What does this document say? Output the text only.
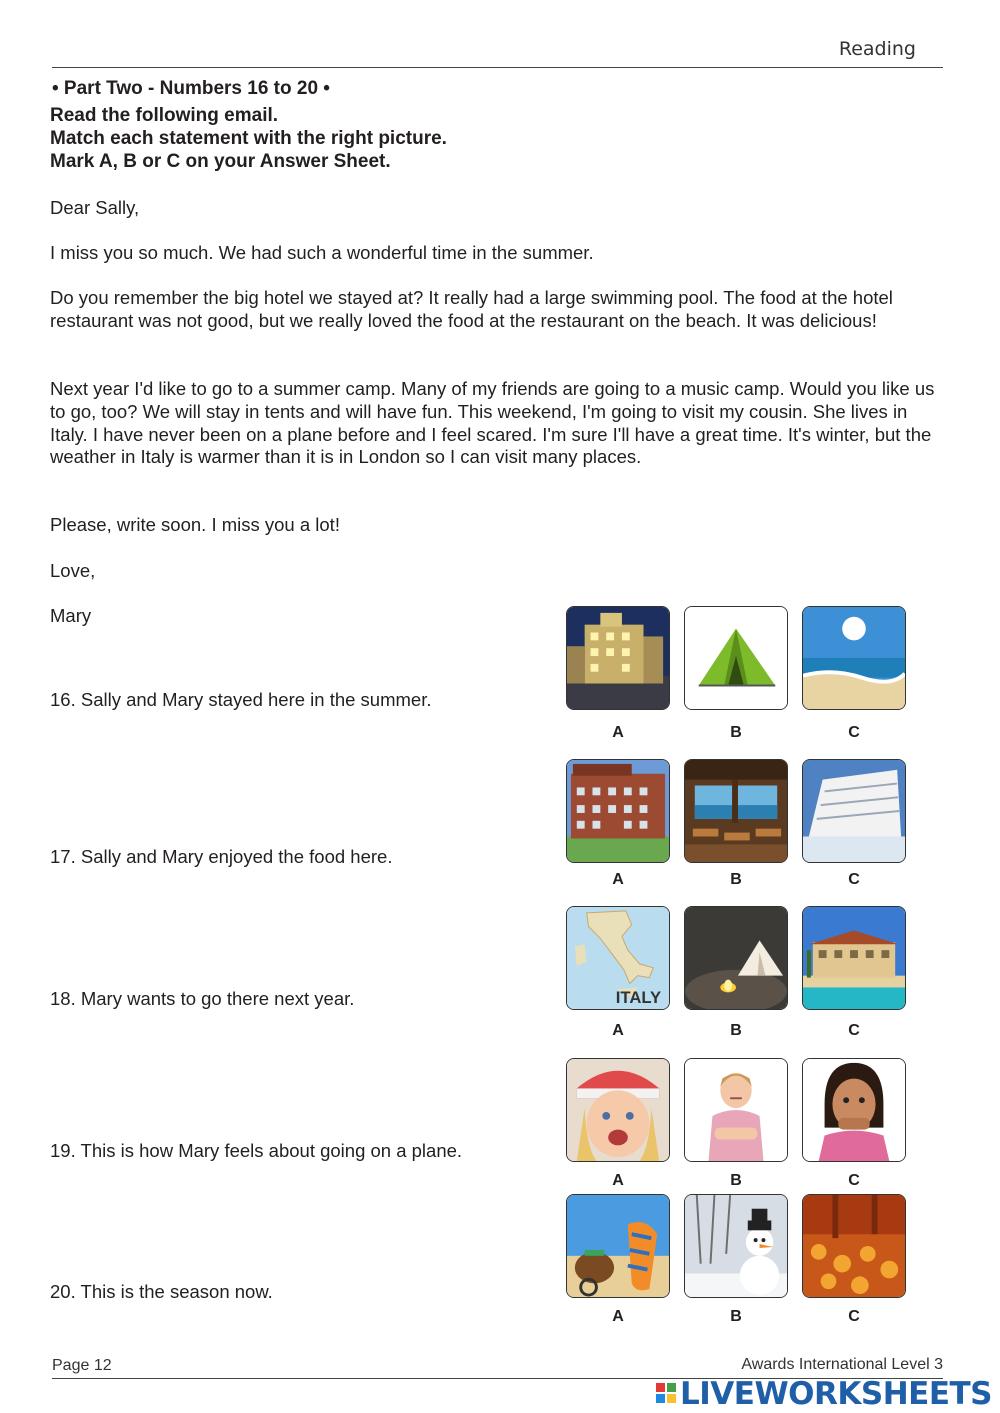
Reading
• Part Two - Numbers 16 to 20 •
Read the following email.
Match each statement with the right picture.
Mark A, B or C on your Answer Sheet.
Dear Sally,
I miss you so much. We had such a wonderful time in the summer.
Do you remember the big hotel we stayed at? It really had a large swimming pool. The food at the hotel restaurant was not good, but we really loved the food at the restaurant on the beach. It was delicious!
Next year I'd like to go to a summer camp. Many of my friends are going to a music camp. Would you like us to go, too? We will stay in tents and will have fun. This weekend, I'm going to visit my cousin. She lives in Italy. I have never been on a plane before and I feel scared. I'm sure I'll have a great time. It's winter, but the weather in Italy is warmer than it is in London so I can visit many places.
Please, write soon. I miss you a lot!
Love,
Mary
16. Sally and Mary stayed here in the summer.
17. Sally and Mary enjoyed the food here.
18. Mary wants to go there next year.
19. This is how Mary feels about going on a plane.
20. This is the season now.
A	B	C
A	B	C
ITALY
A	B	C
A	B	C
A	B	C
Page 12	Awards International Level 3
LIVEWORKSHEETS
